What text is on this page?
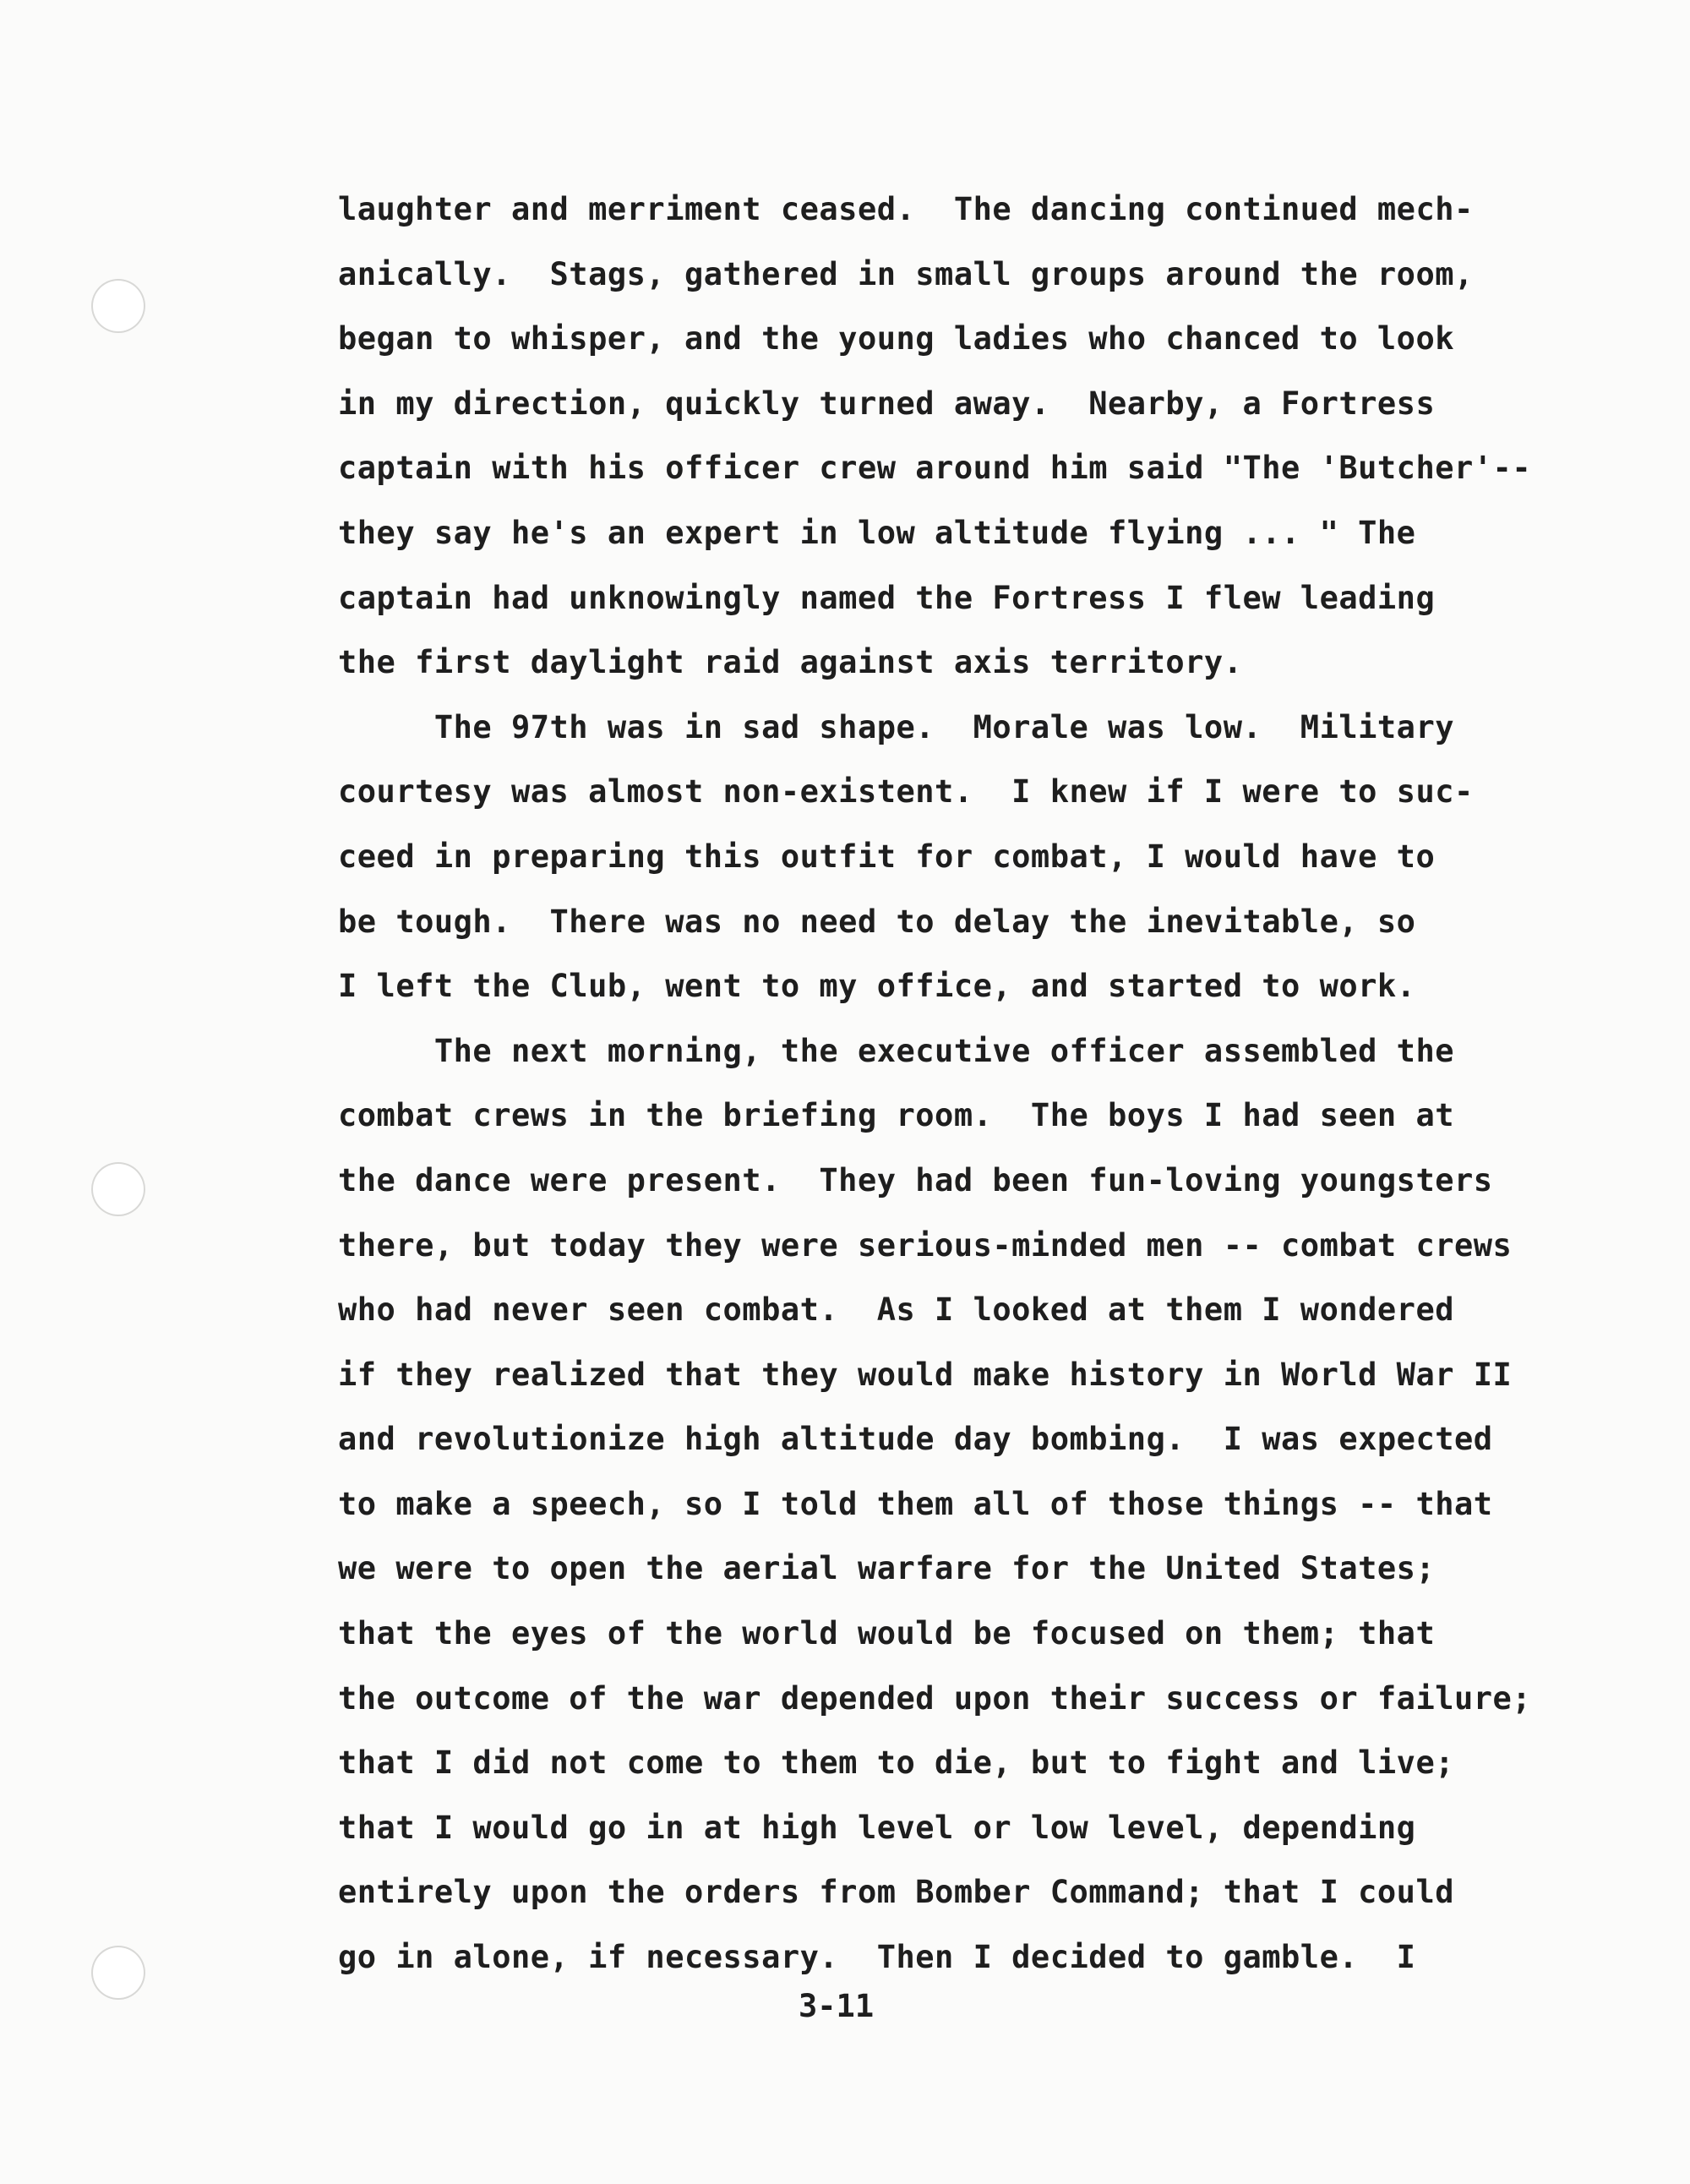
laughter and merriment ceased.  The dancing continued mech-
anically.  Stags, gathered in small groups around the room,
began to whisper, and the young ladies who chanced to look
in my direction, quickly turned away.  Nearby, a Fortress
captain with his officer crew around him said "The 'Butcher'--
they say he's an expert in low altitude flying ... " The
captain had unknowingly named the Fortress I flew leading
the first daylight raid against axis territory.
The 97th was in sad shape.  Morale was low.  Military
courtesy was almost non-existent.  I knew if I were to suc-
ceed in preparing this outfit for combat, I would have to
be tough.  There was no need to delay the inevitable, so
I left the Club, went to my office, and started to work.
The next morning, the executive officer assembled the
combat crews in the briefing room.  The boys I had seen at
the dance were present.  They had been fun-loving youngsters
there, but today they were serious-minded men -- combat crews
who had never seen combat.  As I looked at them I wondered
if they realized that they would make history in World War II
and revolutionize high altitude day bombing.  I was expected
to make a speech, so I told them all of those things -- that
we were to open the aerial warfare for the United States;
that the eyes of the world would be focused on them; that
the outcome of the war depended upon their success or failure;
that I did not come to them to die, but to fight and live;
that I would go in at high level or low level, depending
entirely upon the orders from Bomber Command; that I could
go in alone, if necessary.  Then I decided to gamble.  I
3-11
